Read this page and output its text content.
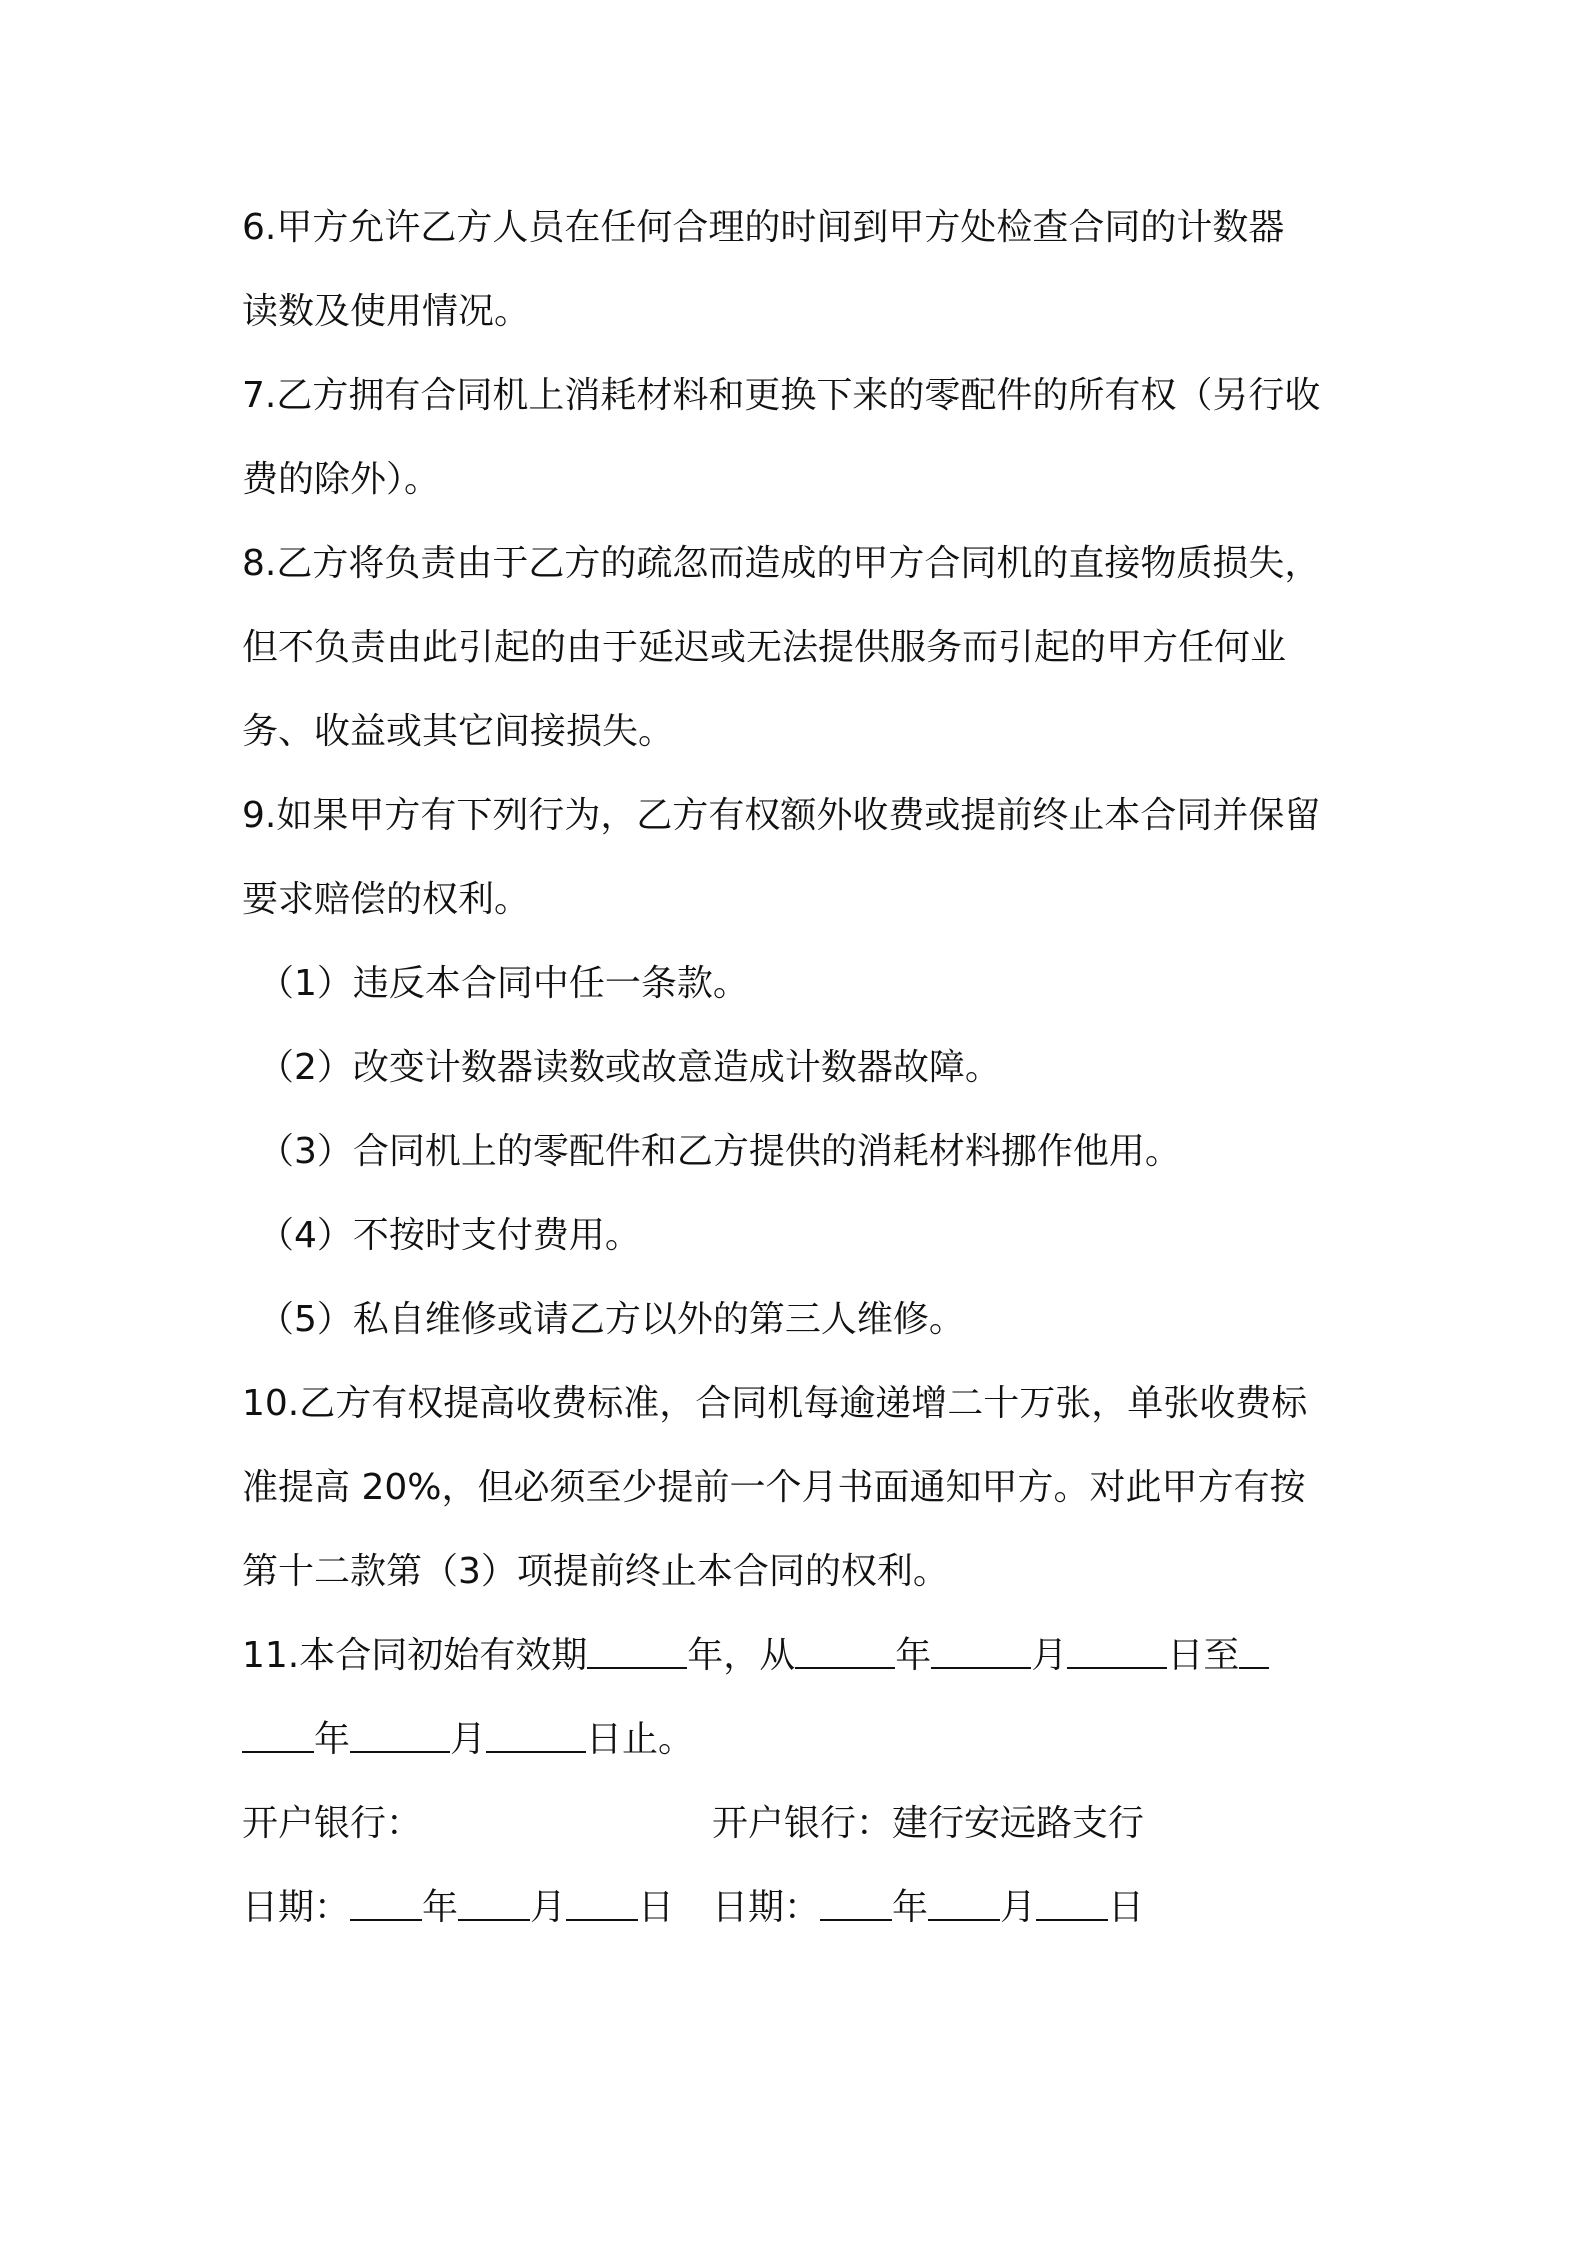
6.甲方允许乙方人员在任何合理的时间到甲方处检查合同的计数器
读数及使用情况。
7.乙方拥有合同机上消耗材料和更换下来的零配件的所有权（另行收
费的除外）。
8.乙方将负责由于乙方的疏忽而造成的甲方合同机的直接物质损失，
但不负责由此引起的由于延迟或无法提供服务而引起的甲方任何业
务、收益或其它间接损失。
9.如果甲方有下列行为，乙方有权额外收费或提前终止本合同并保留
要求赔偿的权利。
（1）违反本合同中任一条款。
（2）改变计数器读数或故意造成计数器故障。
（3）合同机上的零配件和乙方提供的消耗材料挪作他用。
（4）不按时支付费用。
（5）私自维修或请乙方以外的第三人维修。
10.乙方有权提高收费标准，合同机每逾递增二十万张，单张收费标
准提高 20%，但必须至少提前一个月书面通知甲方。对此甲方有按
第十二款第（3）项提前终止本合同的权利。
11.本合同初始有效期	年，从	年	月	日至
年	月	日止。
开户银行：	开户银行：建行安远路支行
日期： 年 月 日 日期： 年 月 日
